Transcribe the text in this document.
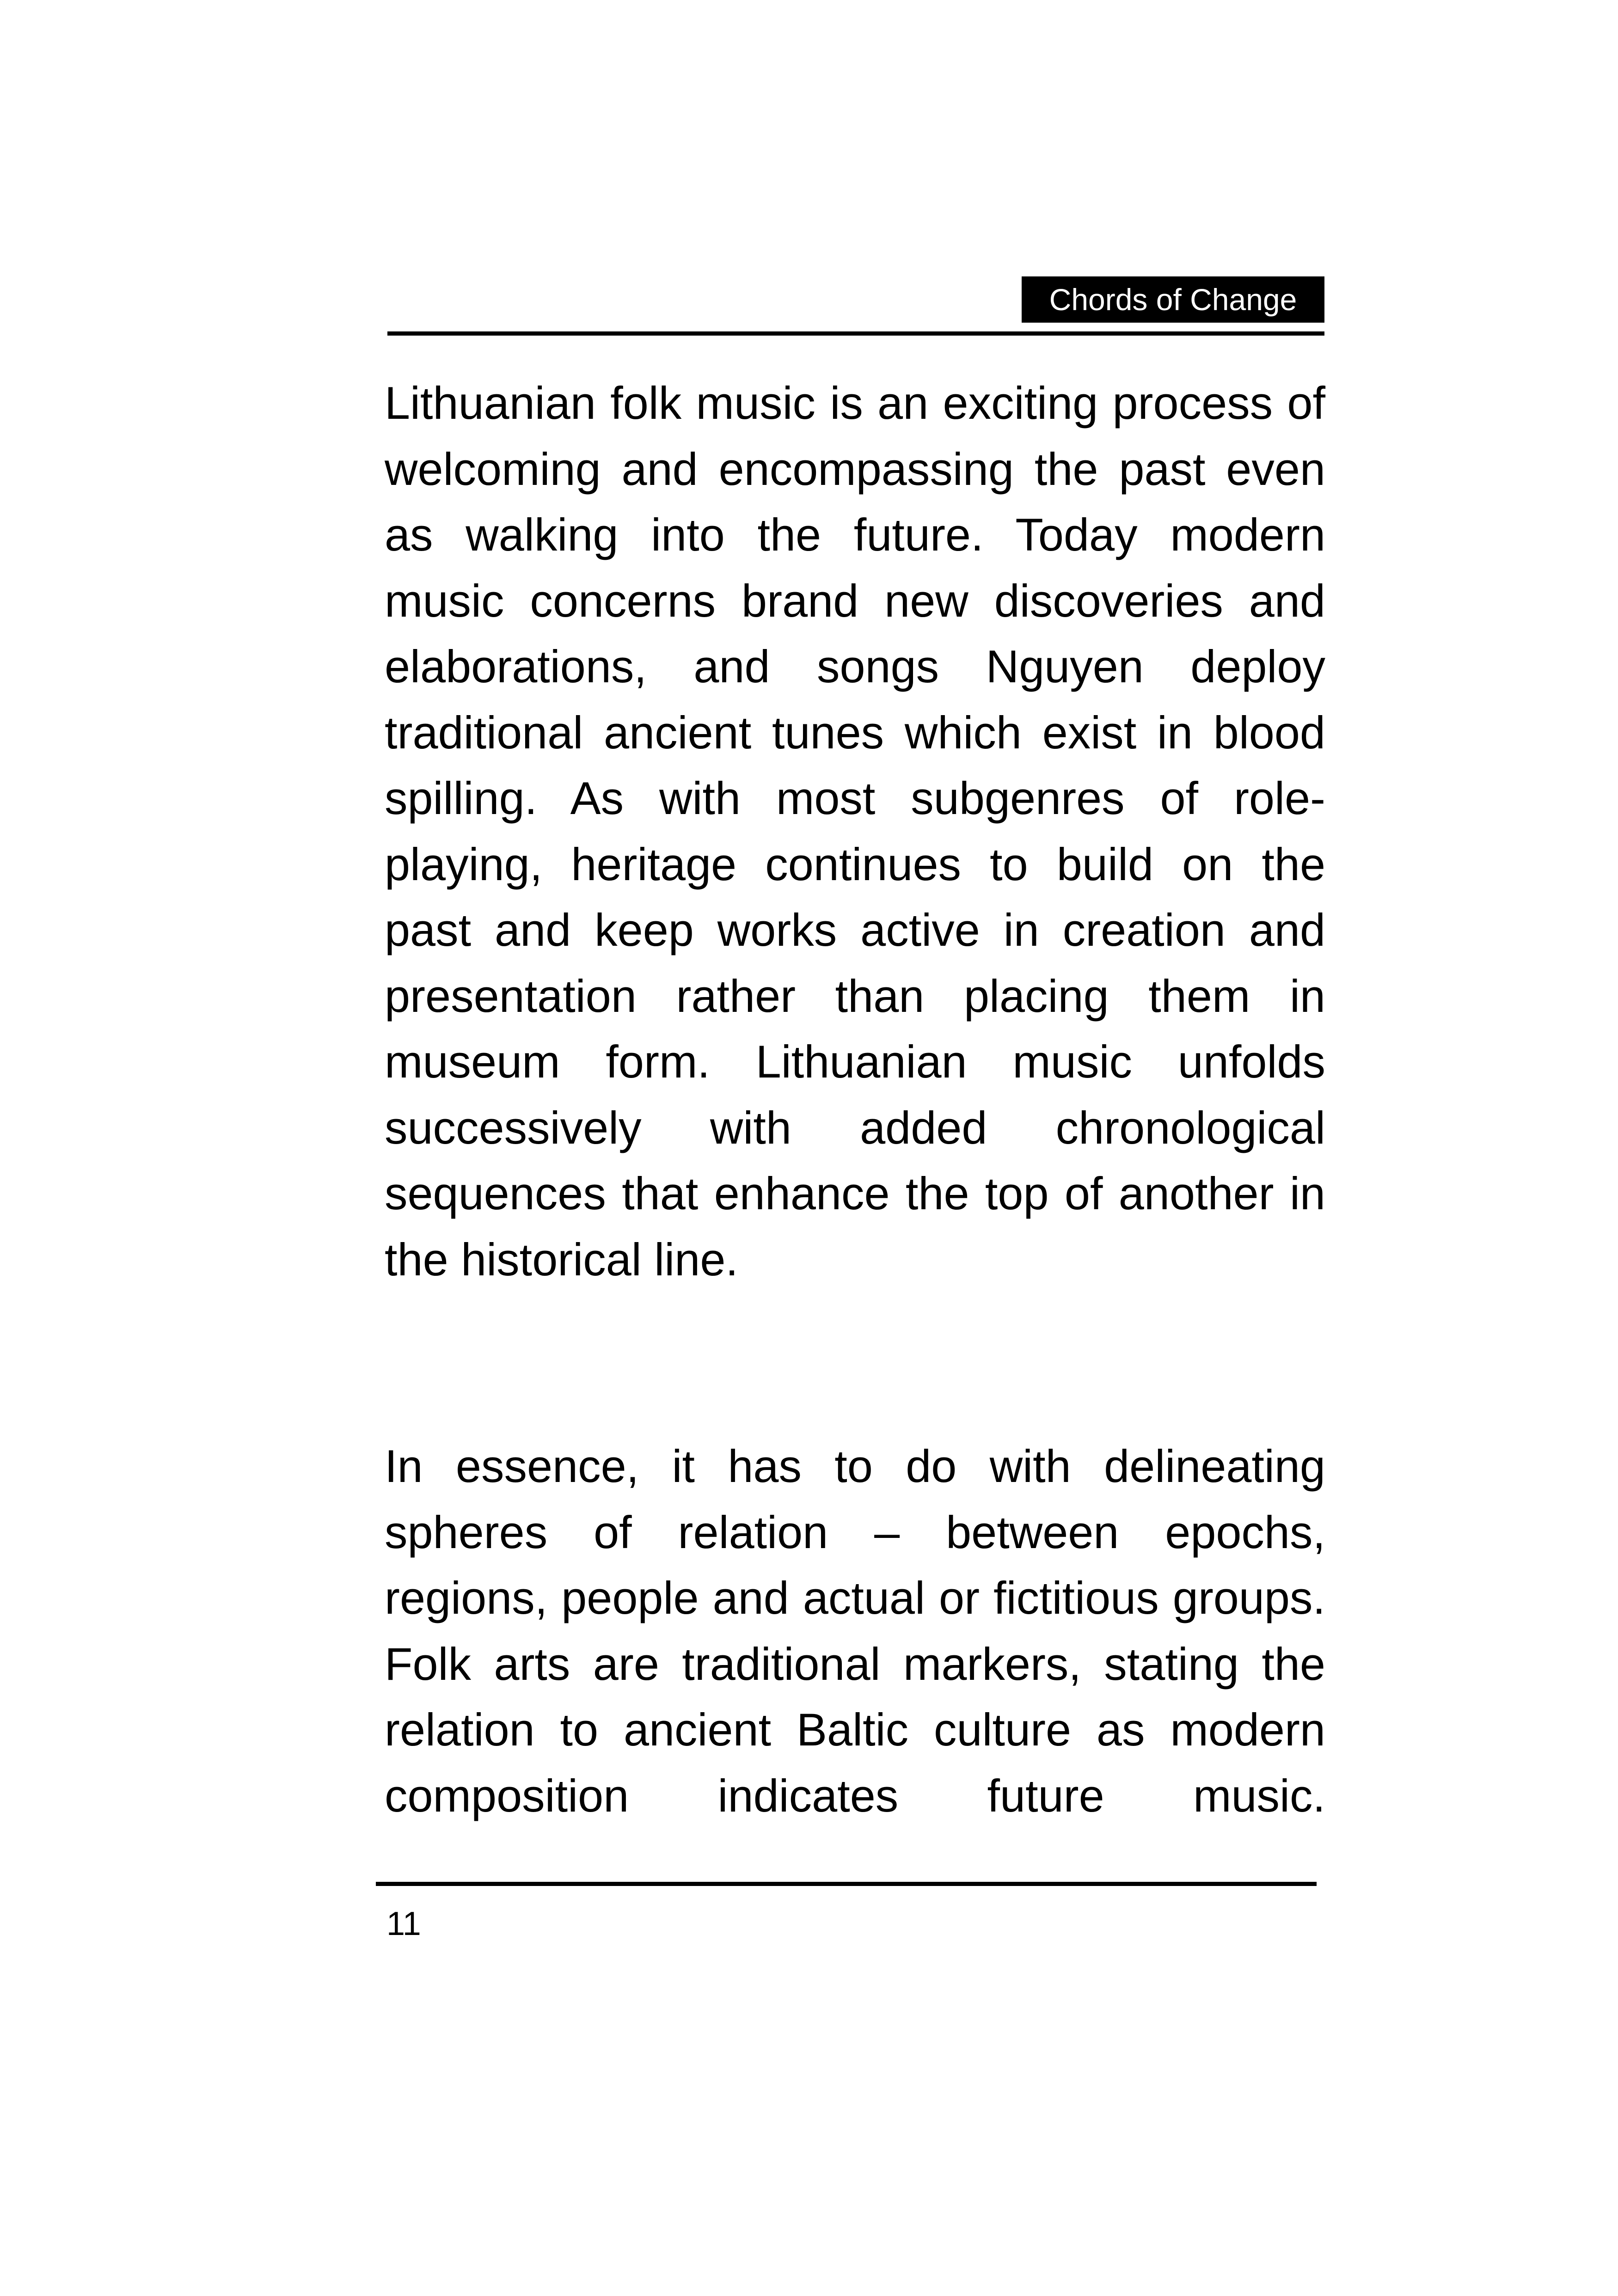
Chords of Change

Lithuanian folk music is an exciting process of welcoming and encompassing the past even as walking into the future. Today modern music concerns brand new discoveries and elaborations, and songs Nguyen deploy traditional ancient tunes which exist in blood spilling. As with most subgenres of role-playing, heritage continues to build on the past and keep works active in creation and presentation rather than placing them in museum form. Lithuanian music unfolds successively with added chronological sequences that enhance the top of another in the historical line.

In essence, it has to do with delineating spheres of relation – between epochs, regions, people and actual or fictitious groups. Folk arts are traditional markers, stating the relation to ancient Baltic culture as modern composition indicates future music.

11
